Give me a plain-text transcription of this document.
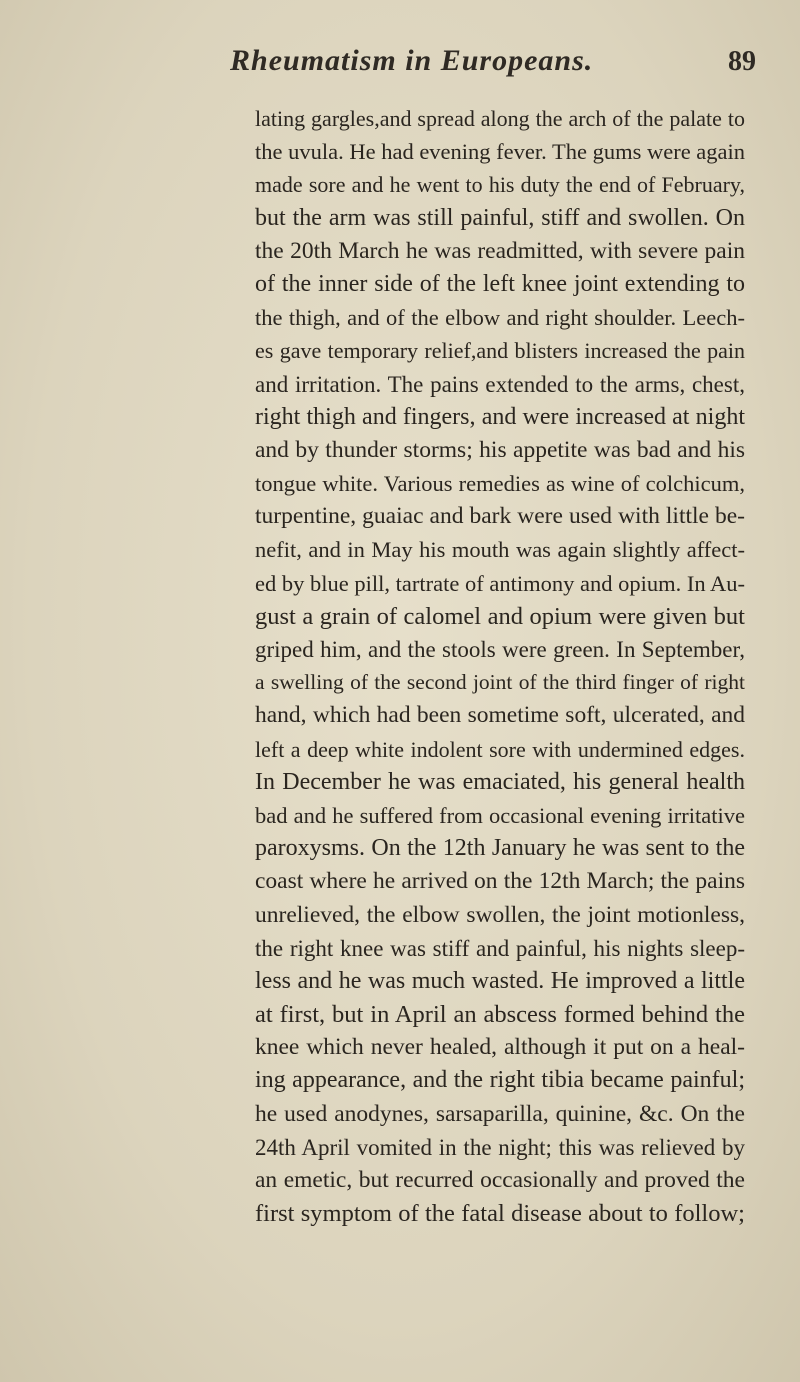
Rheumatism in Europeans.	89
lating gargles,and spread along the arch of the palate to
the uvula. He had evening fever. The gums were again
made sore and he went to his duty the end of February,
but the arm was still painful, stiff and swollen. On
the 20th March he was readmitted, with severe pain
of the inner side of the left knee joint extending to
the thigh, and of the elbow and right shoulder. Leech-
es gave temporary relief,and blisters increased the pain
and irritation. The pains extended to the arms, chest,
right thigh and fingers, and were increased at night
and by thunder storms; his appetite was bad and his
tongue white. Various remedies as wine of colchicum,
turpentine, guaiac and bark were used with little be-
nefit, and in May his mouth was again slightly affect-
ed by blue pill, tartrate of antimony and opium. In Au-
gust a grain of calomel and opium were given but
griped him, and the stools were green. In September,
a swelling of the second joint of the third finger of right
hand, which had been sometime soft, ulcerated, and
left a deep white indolent sore with undermined edges.
In December he was emaciated, his general health
bad and he suffered from occasional evening irritative
paroxysms. On the 12th January he was sent to the
coast where he arrived on the 12th March; the pains
unrelieved, the elbow swollen, the joint motionless,
the right knee was stiff and painful, his nights sleep-
less and he was much wasted. He improved a little
at first, but in April an abscess formed behind the
knee which never healed, although it put on a heal-
ing appearance, and the right tibia became painful;
he used anodynes, sarsaparilla, quinine, &c. On the
24th April vomited in the night; this was relieved by
an emetic, but recurred occasionally and proved the
first symptom of the fatal disease about to follow;
